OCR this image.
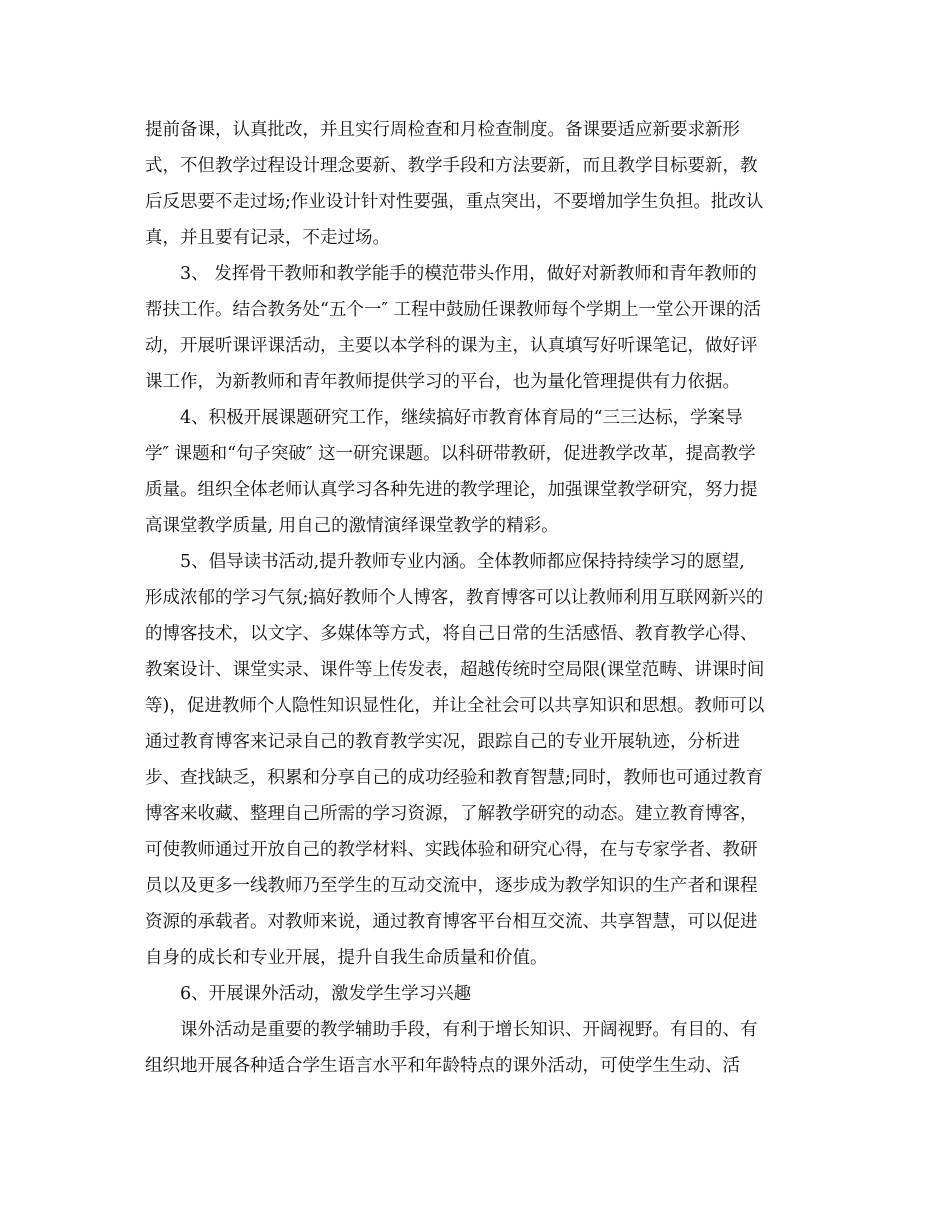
提前备课，认真批改，并且实行周检查和月检查制度。备课要适应新要求新形
式，不但教学过程设计理念要新、教学手段和方法要新，而且教学目标要新，教
后反思要不走过场;作业设计针对性要强，重点突出，不要增加学生负担。批改认
真，并且要有记录，不走过场。
3、 发挥骨干教师和教学能手的模范带头作用，做好对新教师和青年教师的
帮扶工作。结合教务处“五个一″ 工程中鼓励任课教师每个学期上一堂公开课的活
动，开展听课评课活动，主要以本学科的课为主，认真填写好听课笔记，做好评
课工作，为新教师和青年教师提供学习的平台，也为量化管理提供有力依据。
4、积极开展课题研究工作，继续搞好市教育体育局的“三三达标，学案导
学″ 课题和“句子突破″ 这一研究课题。以科研带教研，促进教学改革，提高教学
质量。组织全体老师认真学习各种先进的教学理论，加强课堂教学研究，努力提
高课堂教学质量, 用自己的激情演绎课堂教学的精彩。
5、倡导读书活动,提升教师专业内涵。全体教师都应保持持续学习的愿望,
形成浓郁的学习气氛;搞好教师个人博客，教育博客可以让教师利用互联网新兴的
的博客技术，以文字、多媒体等方式，将自己日常的生活感悟、教育教学心得、
教案设计、课堂实录、课件等上传发表，超越传统时空局限(课堂范畴、讲课时间
等)，促进教师个人隐性知识显性化，并让全社会可以共享知识和思想。教师可以
通过教育博客来记录自己的教育教学实况，跟踪自己的专业开展轨迹，分析进
步、查找缺乏，积累和分享自己的成功经验和教育智慧;同时，教师也可通过教育
博客来收藏、整理自己所需的学习资源，了解教学研究的动态。建立教育博客，
可使教师通过开放自己的教学材料、实践体验和研究心得，在与专家学者、教研
员以及更多一线教师乃至学生的互动交流中，逐步成为教学知识的生产者和课程
资源的承载者。对教师来说，通过教育博客平台相互交流、共享智慧，可以促进
自身的成长和专业开展，提升自我生命质量和价值。
6、开展课外活动，激发学生学习兴趣
课外活动是重要的教学辅助手段，有利于增长知识、开阔视野。有目的、有
组织地开展各种适合学生语言水平和年龄特点的课外活动，可使学生生动、活
